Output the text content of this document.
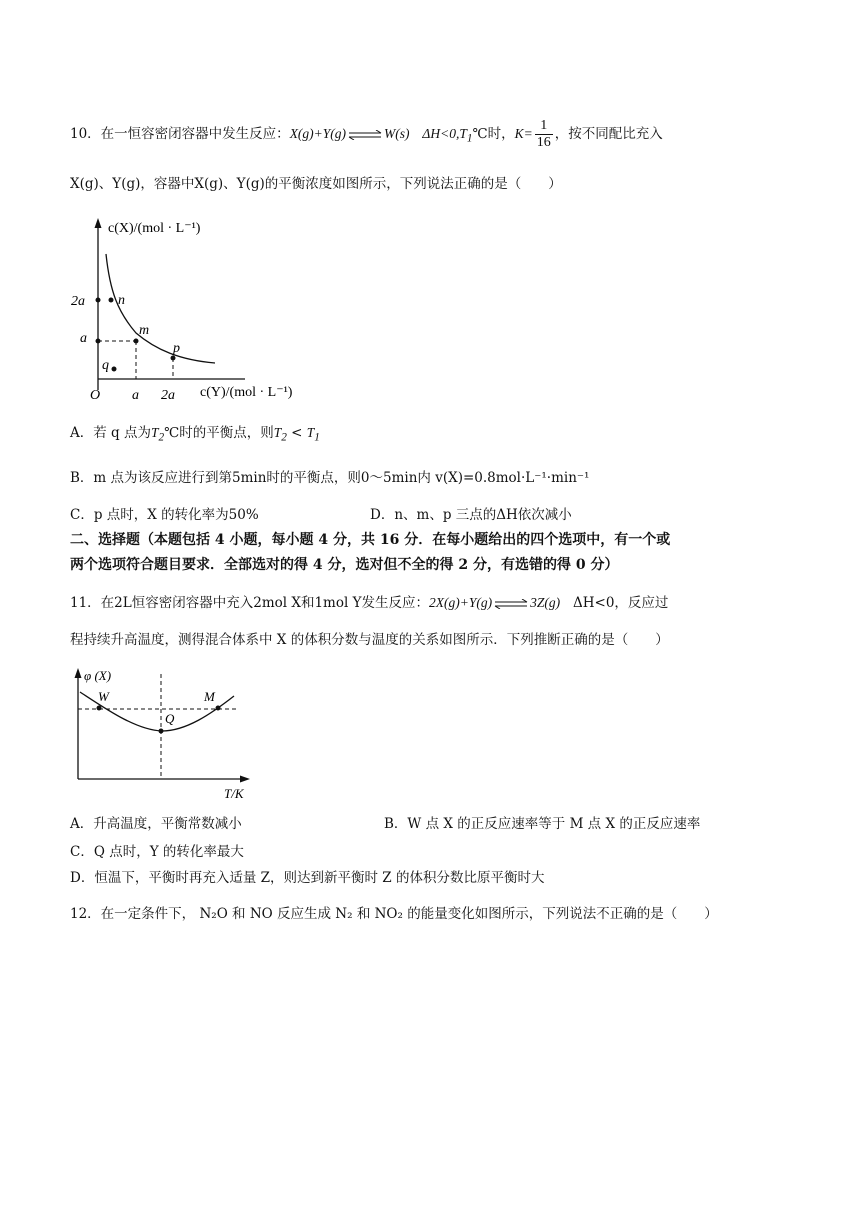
10．在一恒容密闭容器中发生反应：X(g)+Y(g) ⇌ W(s) $\Delta H<0,T_1℃$时，$K= \frac{1}{16}$ ，按不同配比充入
X(g)、Y(g)，容器中X(g)、Y(g)的平衡浓度如图所示，下列说法正确的是（　　）
c(X)/(mol · L⁻¹)
c(Y)/(mol · L⁻¹)
O a 2a
2a
a
n
m
p
q
A．若 q 点为$T_2℃$时的平衡点，则$T_2 < T_1$
B．m 点为该反应进行到第5min时的平衡点，则0～5min内 v(X)=0.8mol·L⁻¹·min⁻¹
C．p 点时，X 的转化率为50%	D．n、m、p 三点的ΔH依次减小
二、选择题（本题包括 4 小题，每小题 4 分，共 16 分．在每小题给出的四个选项中，有一个或
两个选项符合题目要求．全部选对的得 4 分，选对但不全的得 2 分，有选错的得 0 分）
11．在2L恒容密闭容器中充入2mol X和1mol Y发生反应：2X(g)+Y(g) ⇌ 3Z(g) ΔH<0，反应过
程持续升高温度，测得混合体系中 X 的体积分数与温度的关系如图所示．下列推断正确的是（　　）
φ (X)
T/K
W
Q
M
A．升高温度，平衡常数减小	B．W 点 X 的正反应速率等于 M 点 X 的正反应速率
C．Q 点时，Y 的转化率最大
D．恒温下，平衡时再充入适量 Z，则达到新平衡时 Z 的体积分数比原平衡时大
12．在一定条件下， N₂O 和 NO 反应生成 N₂ 和 NO₂ 的能量变化如图所示，下列说法不正确的是（　　）
